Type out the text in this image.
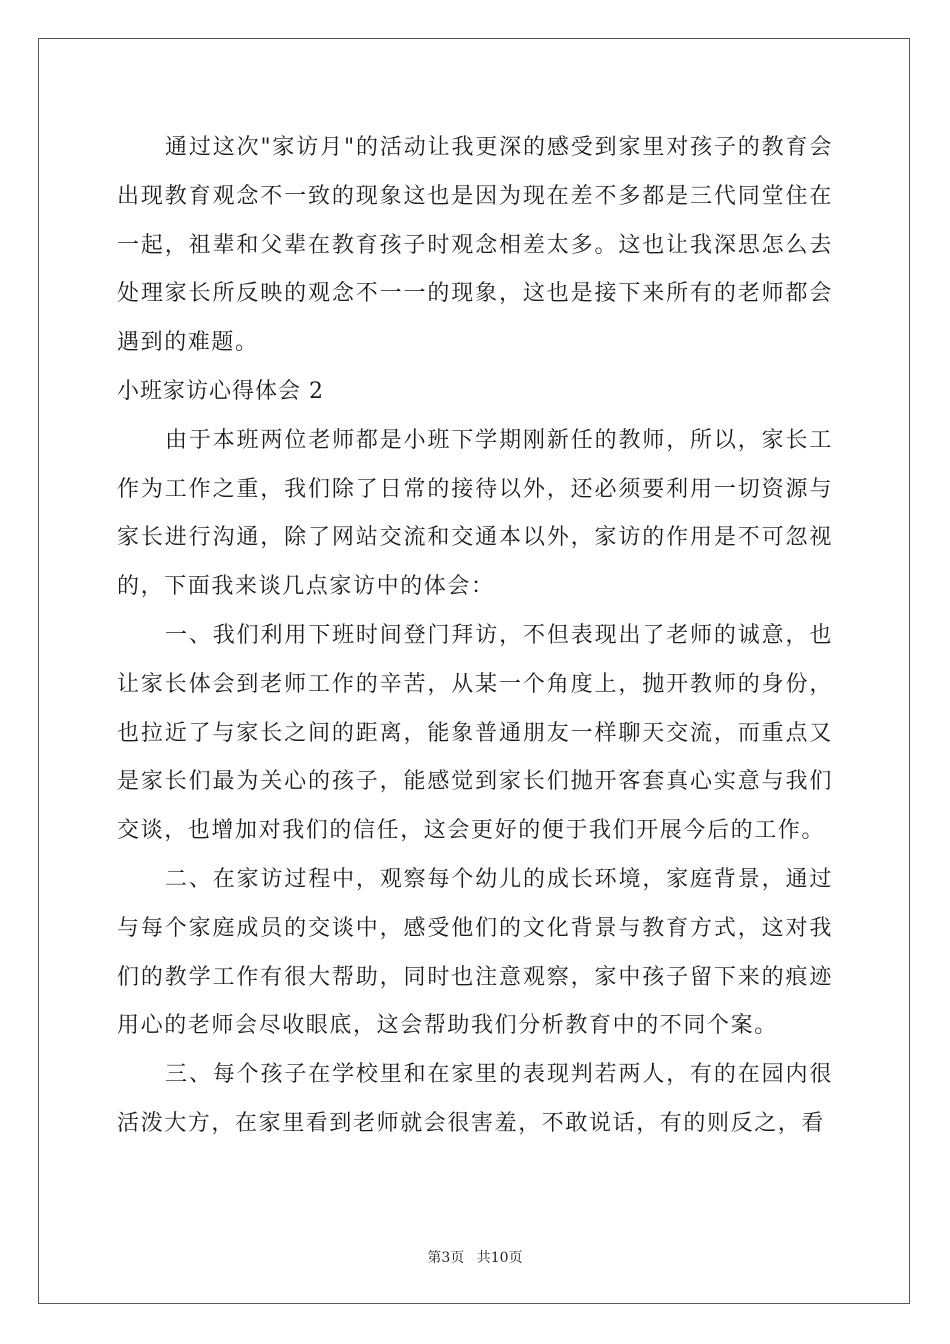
通过这次"家访月"的活动让我更深的感受到家里对孩子的教育会出现教育观念不一致的现象这也是因为现在差不多都是三代同堂住在一起，祖辈和父辈在教育孩子时观念相差太多。这也让我深思怎么去处理家长所反映的观念不一一的现象，这也是接下来所有的老师都会遇到的难题。

小班家访心得体会 2

由于本班两位老师都是小班下学期刚新任的教师，所以，家长工作为工作之重，我们除了日常的接待以外，还必须要利用一切资源与家长进行沟通，除了网站交流和交通本以外，家访的作用是不可忽视的，下面我来谈几点家访中的体会：

一、我们利用下班时间登门拜访，不但表现出了老师的诚意，也让家长体会到老师工作的辛苦，从某一个角度上，抛开教师的身份，也拉近了与家长之间的距离，能象普通朋友一样聊天交流，而重点又是家长们最为关心的孩子，能感觉到家长们抛开客套真心实意与我们交谈，也增加对我们的信任，这会更好的便于我们开展今后的工作。

二、在家访过程中，观察每个幼儿的成长环境，家庭背景，通过与每个家庭成员的交谈中，感受他们的文化背景与教育方式，这对我们的教学工作有很大帮助，同时也注意观察，家中孩子留下来的痕迹用心的老师会尽收眼底，这会帮助我们分析教育中的不同个案。

三、每个孩子在学校里和在家里的表现判若两人，有的在园内很活泼大方，在家里看到老师就会很害羞，不敢说话，有的则反之，看

第3页 共10页
